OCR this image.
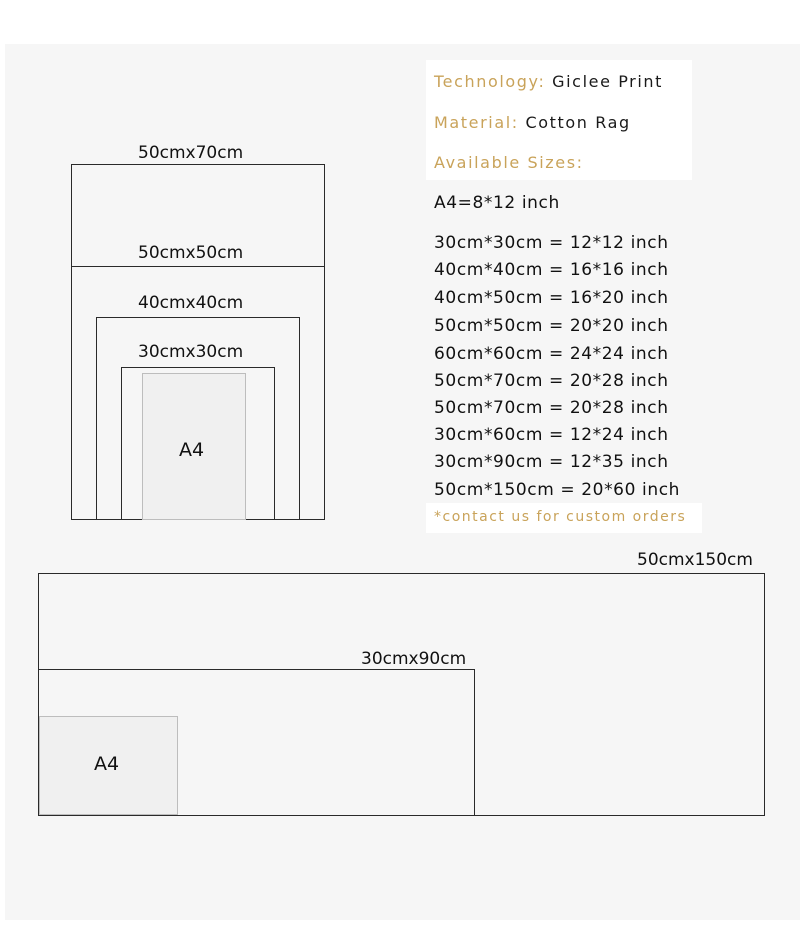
50cmx70cm
50cmx50cm
40cmx40cm
30cmx30cm
A4
Technology: Giclee Print
Material: Cotton Rag
Available Sizes:
A4=8*12 inch
30cm*30cm = 12*12 inch
40cm*40cm = 16*16 inch
40cm*50cm = 16*20 inch
50cm*50cm = 20*20 inch
60cm*60cm = 24*24 inch
50cm*70cm = 20*28 inch
50cm*70cm = 20*28 inch
30cm*60cm = 12*24 inch
30cm*90cm = 12*35 inch
50cm*150cm = 20*60 inch
*contact us for custom orders
50cmx150cm
30cmx90cm
A4
